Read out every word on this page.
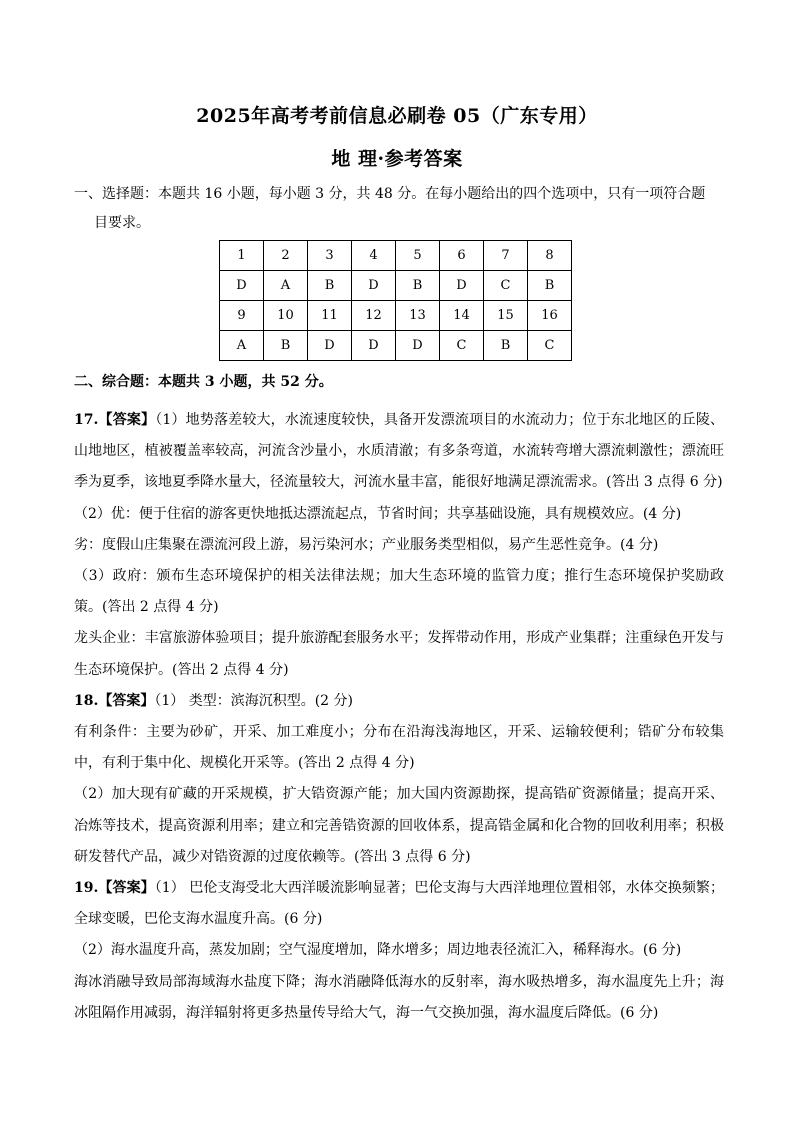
2025年高考考前信息必刷卷 05（广东专用）
地 理·参考答案
一、选择题：本题共 16 小题，每小题 3 分，共 48 分。在每小题给出的四个选项中，只有一项符合题
目要求。
1	2	3	4	5	6	7	8
D	A	B	D	B	D	C	B
9	10	11	12	13	14	15	16
A	B	D	D	D	C	B	C
二、综合题：本题共 3 小题，共 52 分。

17.【答案】（1）地势落差较大，水流速度较快，具备开发漂流项目的水流动力；位于东北地区的丘陵、山地地区，植被覆盖率较高，河流含沙量小，水质清澈；有多条弯道，水流转弯增大漂流刺激性；漂流旺季为夏季，该地夏季降水量大，径流量较大，河流水量丰富，能很好地满足漂流需求。(答出 3 点得 6 分)

（2）优：便于住宿的游客更快地抵达漂流起点，节省时间；共享基础设施，具有规模效应。(4 分)

劣：度假山庄集聚在漂流河段上游，易污染河水；产业服务类型相似，易产生恶性竞争。(4 分)

（3）政府：颁布生态环境保护的相关法律法规；加大生态环境的监管力度；推行生态环境保护奖励政策。(答出 2 点得 4 分)

龙头企业：丰富旅游体验项目；提升旅游配套服务水平；发挥带动作用，形成产业集群；注重绿色开发与生态环境保护。(答出 2 点得 4 分)

18.【答案】（1） 类型：滨海沉积型。(2 分)

有利条件：主要为砂矿，开采、加工难度小；分布在沿海浅海地区，开采、运输较便利；锆矿分布较集中，有利于集中化、规模化开采等。(答出 2 点得 4 分)

（2）加大现有矿藏的开采规模，扩大锆资源产能；加大国内资源勘探，提高锆矿资源储量；提高开采、冶炼等技术，提高资源利用率；建立和完善锆资源的回收体系，提高锆金属和化合物的回收利用率；积极研发替代产品，减少对锆资源的过度依赖等。(答出 3 点得 6 分)

19.【答案】（1） 巴伦支海受北大西洋暖流影响显著；巴伦支海与大西洋地理位置相邻，水体交换频繁；全球变暖，巴伦支海水温度升高。(6 分)

（2）海水温度升高，蒸发加剧；空气湿度增加，降水增多；周边地表径流汇入，稀释海水。(6 分)

海冰消融导致局部海域海水盐度下降；海水消融降低海水的反射率，海水吸热增多，海水温度先上升；海冰阻隔作用减弱，海洋辐射将更多热量传导给大气，海一气交换加强，海水温度后降低。(6 分)
